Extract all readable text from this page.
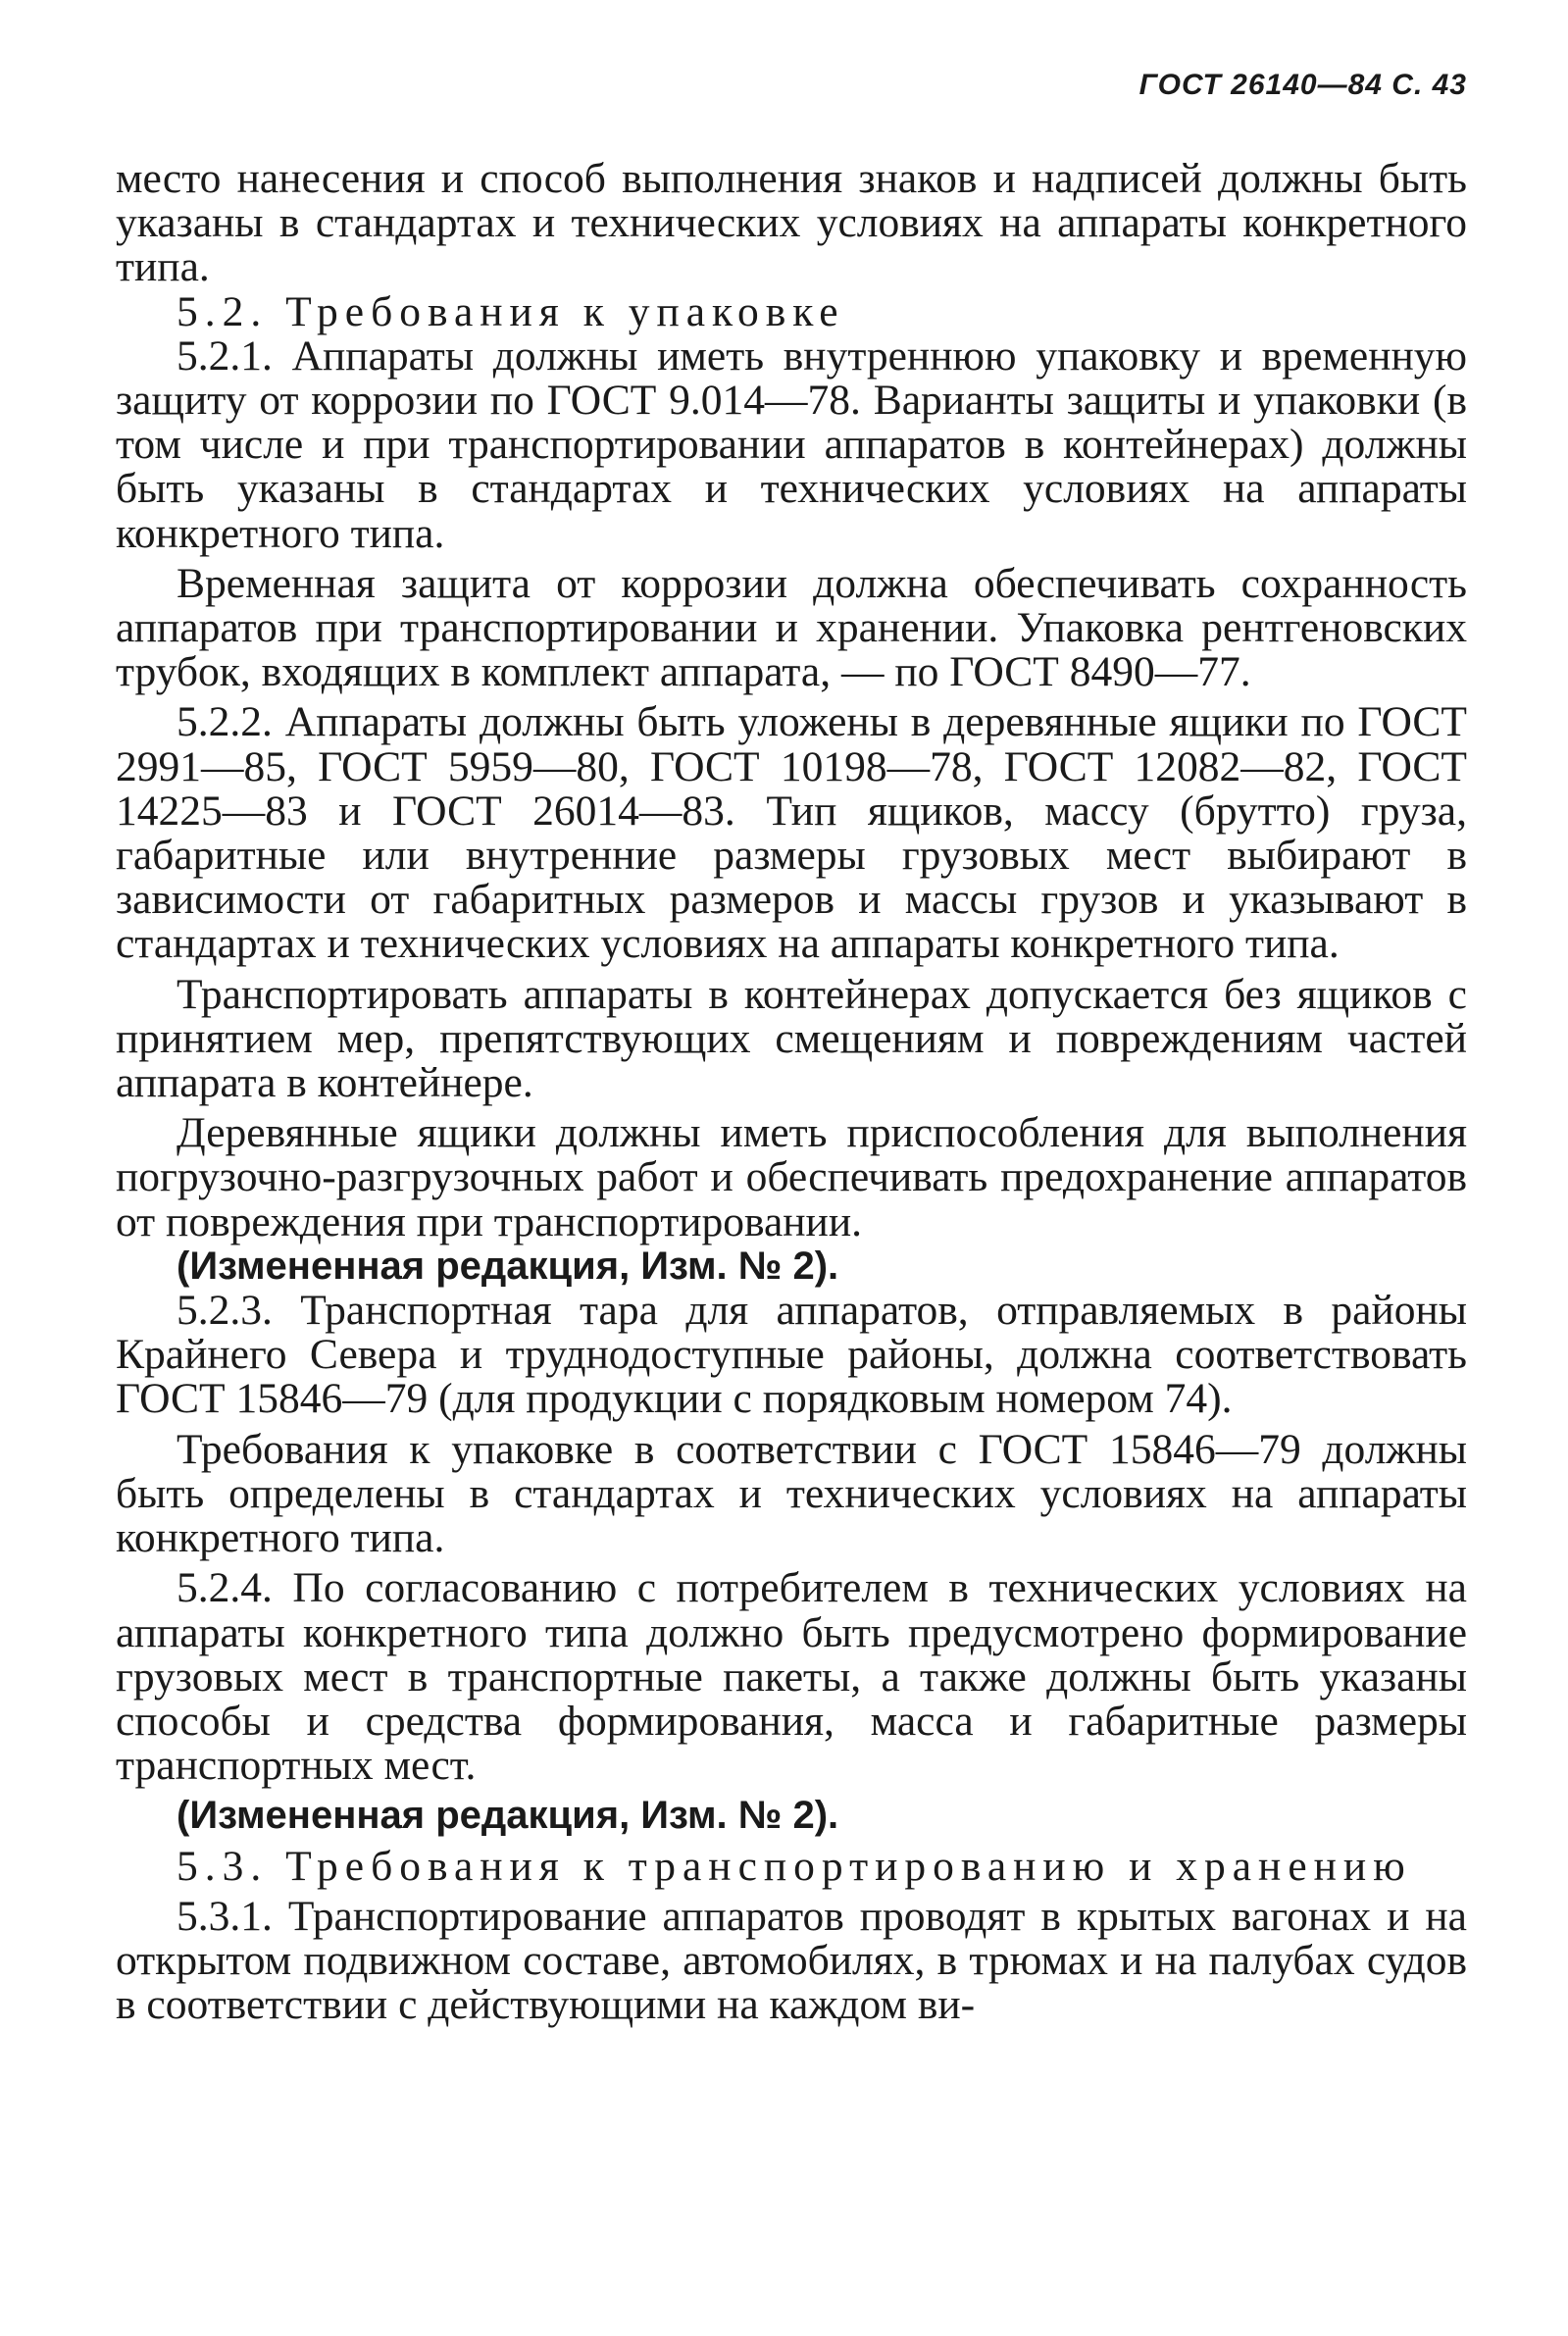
ГОСТ 26140—84 С. 43

место нанесения и способ выполнения знаков и надписей должны быть указаны в стандартах и технических условиях на аппараты конкретного типа.

5.2. Требования к упаковке

5.2.1. Аппараты должны иметь внутреннюю упаковку и временную защиту от коррозии по ГОСТ 9.014—78. Варианты защиты и упаковки (в том числе и при транспортировании аппаратов в контейнерах) должны быть указаны в стандартах и технических условиях на аппараты конкретного типа.

Временная защита от коррозии должна обеспечивать сохранность аппаратов при транспортировании и хранении. Упаковка рентгеновских трубок, входящих в комплект аппарата, — по ГОСТ 8490—77.

5.2.2. Аппараты должны быть уложены в деревянные ящики по ГОСТ 2991—85, ГОСТ 5959—80, ГОСТ 10198—78, ГОСТ 12082—82, ГОСТ 14225—83 и ГОСТ 26014—83. Тип ящиков, массу (брутто) груза, габаритные или внутренние размеры грузовых мест выбирают в зависимости от габаритных размеров и массы грузов и указывают в стандартах и технических условиях на аппараты конкретного типа.

Транспортировать аппараты в контейнерах допускается без ящиков с принятием мер, препятствующих смещениям и повреждениям частей аппарата в контейнере.

Деревянные ящики должны иметь приспособления для выполнения погрузочно-разгрузочных работ и обеспечивать предохранение аппаратов от повреждения при транспортировании.

(Измененная редакция, Изм. № 2).

5.2.3. Транспортная тара для аппаратов, отправляемых в районы Крайнего Севера и труднодоступные районы, должна соответствовать ГОСТ 15846—79 (для продукции с порядковым номером 74).

Требования к упаковке в соответствии с ГОСТ 15846—79 должны быть определены в стандартах и технических условиях на аппараты конкретного типа.

5.2.4. По согласованию с потребителем в технических условиях на аппараты конкретного типа должно быть предусмотрено формирование грузовых мест в транспортные пакеты, а также должны быть указаны способы и средства формирования, масса и габаритные размеры транспортных мест.

(Измененная редакция, Изм. № 2).

5.3. Требования к транспортированию и хранению

5.3.1. Транспортирование аппаратов проводят в крытых вагонах и на открытом подвижном составе, автомобилях, в трюмах и на палубах судов в соответствии с действующими на каждом ви-
